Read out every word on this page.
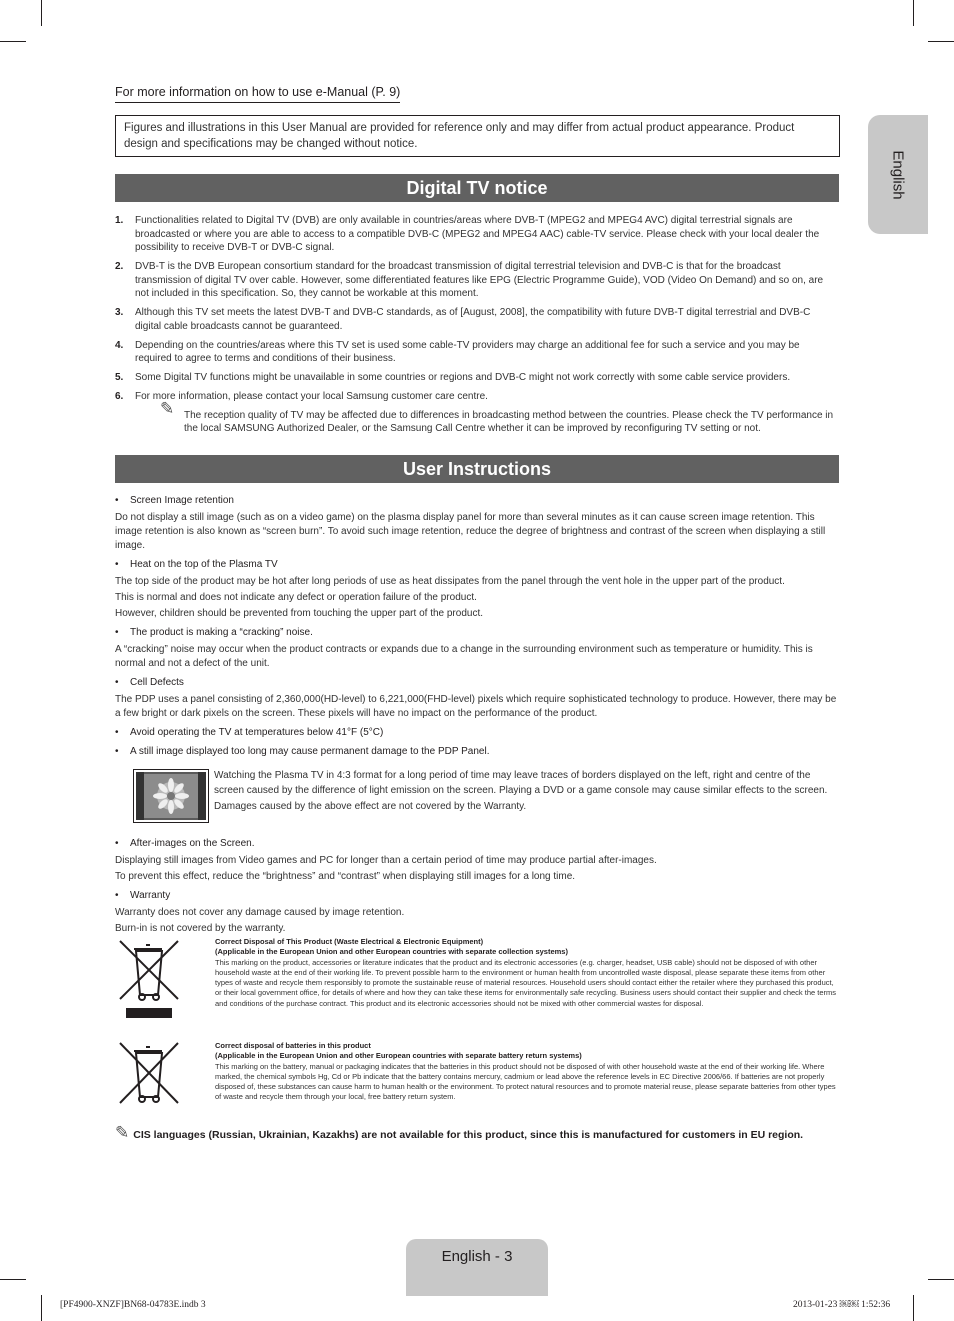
For more information on how to use e-Manual (P. 9)
Figures and illustrations in this User Manual are provided for reference only and may differ from actual product appearance. Product design and specifications may be changed without notice.
English
Digital TV notice
1. Functionalities related to Digital TV (DVB) are only available in countries/areas where DVB-T (MPEG2 and MPEG4 AVC) digital terrestrial signals are broadcasted or where you are able to access to a compatible DVB-C (MPEG2 and MPEG4 AAC) cable-TV service. Please check with your local dealer the possibility to receive DVB-T or DVB-C signal.
2. DVB-T is the DVB European consortium standard for the broadcast transmission of digital terrestrial television and DVB-C is that for the broadcast transmission of digital TV over cable. However, some differentiated features like EPG (Electric Programme Guide), VOD (Video On Demand) and so on, are not included in this specification. So, they cannot be workable at this moment.
3. Although this TV set meets the latest DVB-T and DVB-C standards, as of [August, 2008], the compatibility with future DVB-T digital terrestrial and DVB-C digital cable broadcasts cannot be guaranteed.
4. Depending on the countries/areas where this TV set is used some cable-TV providers may charge an additional fee for such a service and you may be required to agree to terms and conditions of their business.
5. Some Digital TV functions might be unavailable in some countries or regions and DVB-C might not work correctly with some cable service providers.
6. For more information, please contact your local Samsung customer care centre.
✎ The reception quality of TV may be affected due to differences in broadcasting method between the countries. Please check the TV performance in the local SAMSUNG Authorized Dealer, or the Samsung Call Centre whether it can be improved by reconfiguring TV setting or not.
User Instructions
• Screen Image retention

Do not display a still image (such as on a video game) on the plasma display panel for more than several minutes as it can cause screen image retention. This image retention is also known as “screen burn”. To avoid such image retention, reduce the degree of brightness and contrast of the screen when displaying a still image.

• Heat on the top of the Plasma TV

The top side of the product may be hot after long periods of use as heat dissipates from the panel through the vent hole in the upper part of the product.

This is normal and does not indicate any defect or operation failure of the product.

However, children should be prevented from touching the upper part of the product.

• The product is making a “cracking” noise.

A “cracking” noise may occur when the product contracts or expands due to a change in the surrounding environment such as temperature or humidity. This is normal and not a defect of the unit.

• Cell Defects

The PDP uses a panel consisting of 2,360,000(HD-level) to 6,221,000(FHD-level) pixels which require sophisticated technology to produce. However, there may be a few bright or dark pixels on the screen. These pixels will have no impact on the performance of the product.

• Avoid operating the TV at temperatures below 41°F (5°C)
• A still image displayed too long may cause permanent damage to the PDP Panel.
Watching the Plasma TV in 4:3 format for a long period of time may leave traces of borders displayed on the left, right and centre of the screen caused by the difference of light emission on the screen. Playing a DVD or a game console may cause similar effects to the screen.
Damages caused by the above effect are not covered by the Warranty.
• After-images on the Screen.

Displaying still images from Video games and PC for longer than a certain period of time may produce partial after-images.

To prevent this effect, reduce the “brightness” and “contrast” when displaying still images for a long time.

• Warranty

Warranty does not cover any damage caused by image retention.

Burn-in is not covered by the warranty.

Correct Disposal of This Product (Waste Electrical & Electronic Equipment)
(Applicable in the European Union and other European countries with separate collection systems)
This marking on the product, accessories or literature indicates that the product and its electronic accessories (e.g. charger, headset, USB cable) should not be disposed of with other household waste at the end of their working life. To prevent possible harm to the environment or human health from uncontrolled waste disposal, please separate these items from other types of waste and recycle them responsibly to promote the sustainable reuse of material resources. Household users should contact either the retailer where they purchased this product, or their local government office, for details of where and how they can take these items for environmentally safe recycling. Business users should contact their supplier and check the terms and conditions of the purchase contract. This product and its electronic accessories should not be mixed with other commercial wastes for disposal.
Correct disposal of batteries in this product
(Applicable in the European Union and other European countries with separate battery return systems)
This marking on the battery, manual or packaging indicates that the batteries in this product should not be disposed of with other household waste at the end of their working life. Where marked, the chemical symbols Hg, Cd or Pb indicate that the battery contains mercury, cadmium or lead above the reference levels in EC Directive 2006/66. If batteries are not properly disposed of, these substances can cause harm to human health or the environment. To protect natural resources and to promote material reuse, please separate batteries from other types of waste and recycle them through your local, free battery return system.
✎ CIS languages (Russian, Ukrainian, Kazakhs) are not available for this product, since this is manufactured for customers in EU region.
English - 3
[PF4900-XNZF]BN68-04783E.indb 3	2013-01-23 ￼￼ 1:52:36
